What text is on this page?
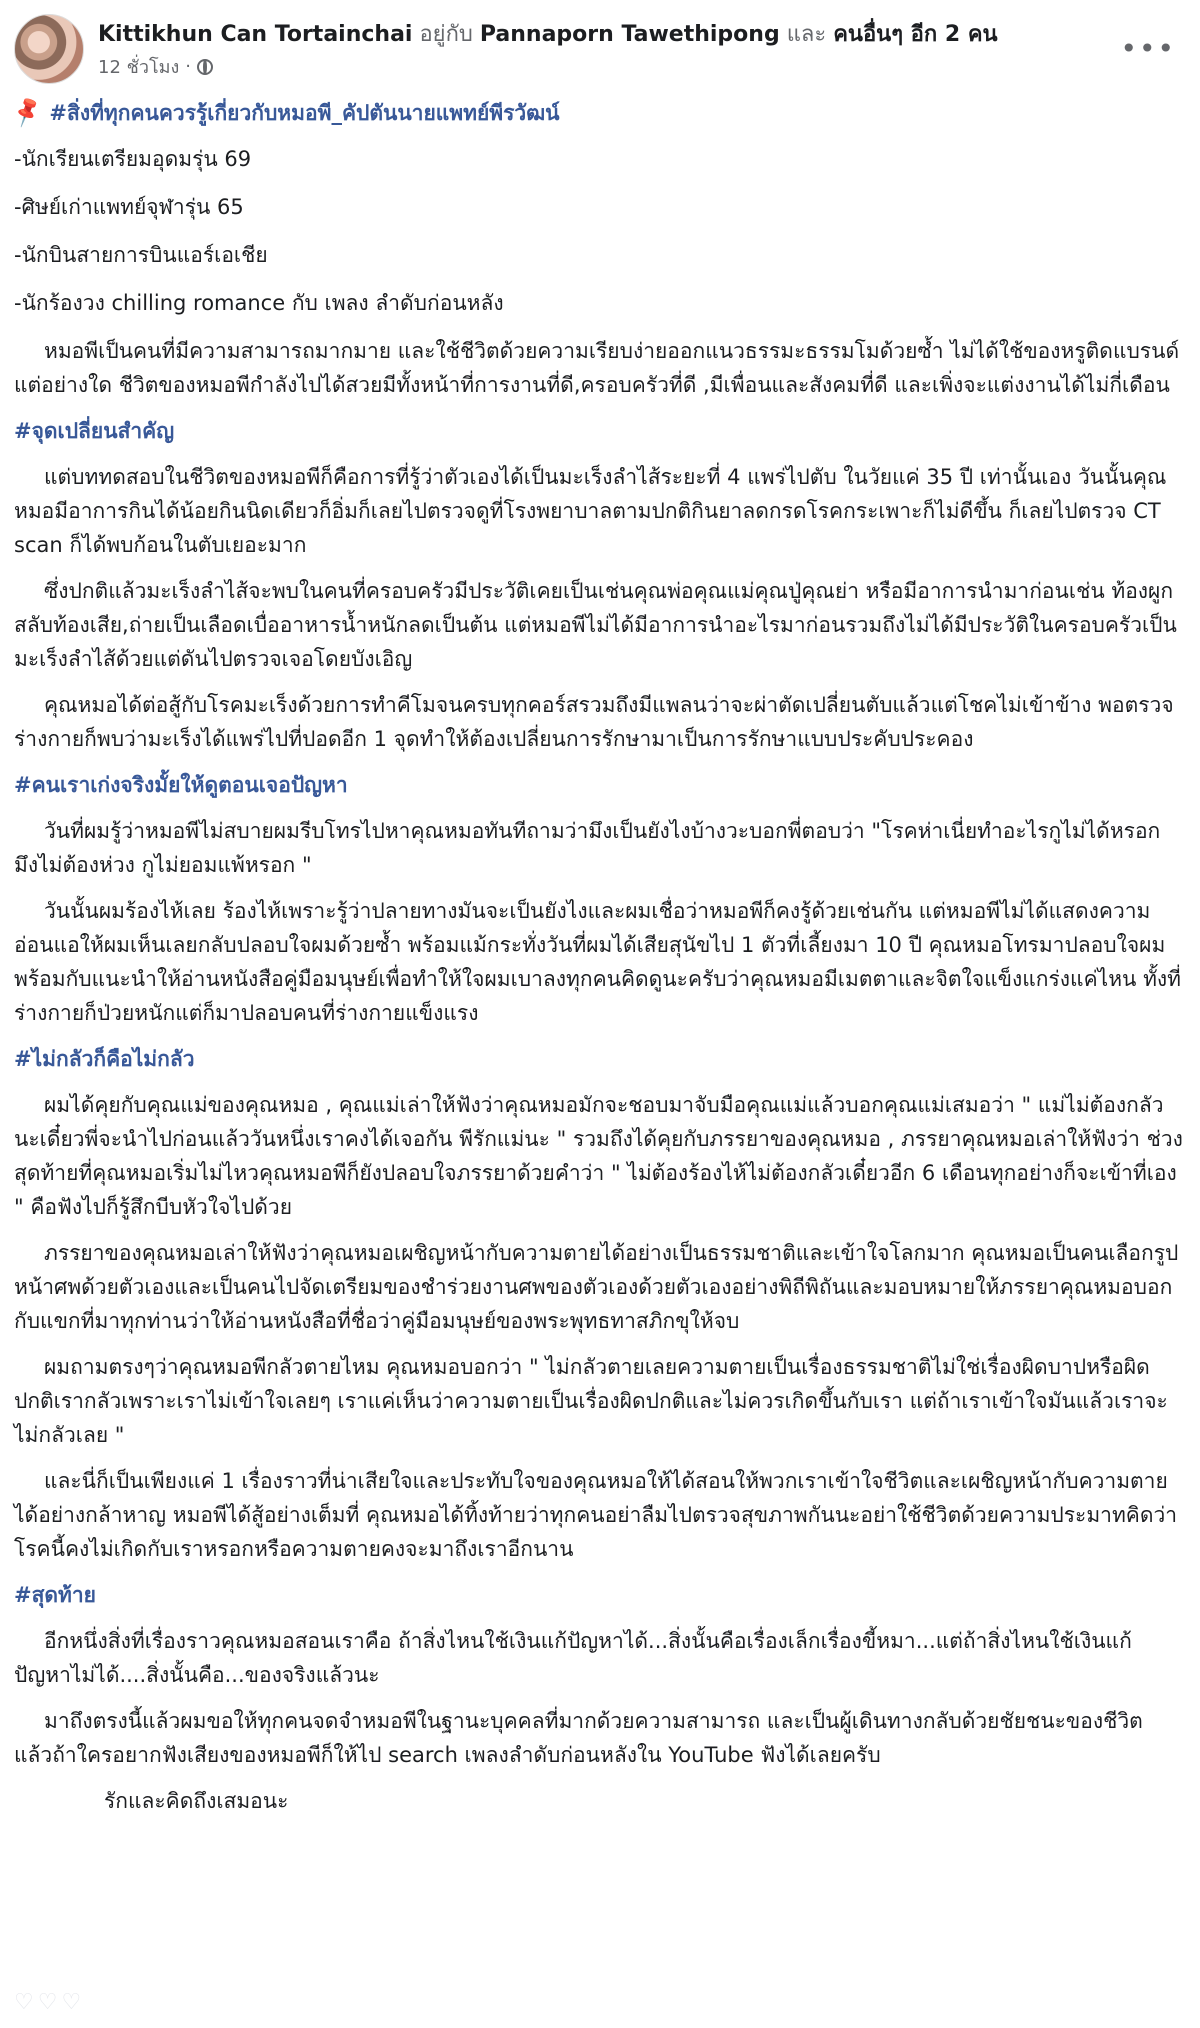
Kittikhun Can Tortainchai อยู่กับ Pannaporn Tawethipong และ คนอื่นๆ อีก 2 คน
12 ชั่วโมง ·
•••
📌 #สิ่งที่ทุกคนควรรู้เกี่ยวกับหมอพี_คัปตันนายแพทย์พีรวัฒน์
-นักเรียนเตรียมอุดมรุ่น 69
-ศิษย์เก่าแพทย์จุฬารุ่น 65
-นักบินสายการบินแอร์เอเชีย
-นักร้องวง chilling romance กับ เพลง ลำดับก่อนหลัง
หมอพีเป็นคนที่มีความสามารถมากมาย และใช้ชีวิตด้วยความเรียบง่ายออกแนวธรรมะธรรมโมด้วยซ้ำ ไม่ได้ใช้ของหรูติดแบรนด์แต่อย่างใด ชีวิตของหมอพีกำลังไปได้สวยมีทั้งหน้าที่การงานที่ดี,ครอบครัวที่ดี ,มีเพื่อนและสังคมที่ดี และเพิ่งจะแต่งงานได้ไม่กี่เดือน
#จุดเปลี่ยนสำคัญ
แต่บททดสอบในชีวิตของหมอพีก็คือการที่รู้ว่าตัวเองได้เป็นมะเร็งลำไส้ระยะที่ 4 แพร่ไปตับ ในวัยแค่ 35 ปี เท่านั้นเอง วันนั้นคุณหมอมีอาการกินได้น้อยกินนิดเดียวก็อิ่มก็เลยไปตรวจดูที่โรงพยาบาลตามปกติกินยาลดกรดโรคกระเพาะก็ไม่ดีขึ้น ก็เลยไปตรวจ CT scan ก็ได้พบก้อนในตับเยอะมาก
ซึ่งปกติแล้วมะเร็งลำไส้จะพบในคนที่ครอบครัวมีประวัติเคยเป็นเช่นคุณพ่อคุณแม่คุณปู่คุณย่า หรือมีอาการนำมาก่อนเช่น ท้องผูกสลับท้องเสีย,ถ่ายเป็นเลือดเบื่ออาหารน้ำหนักลดเป็นต้น แต่หมอพีไม่ได้มีอาการนำอะไรมาก่อนรวมถึงไม่ได้มีประวัติในครอบครัวเป็นมะเร็งลำไส้ด้วยแต่ดันไปตรวจเจอโดยบังเอิญ
คุณหมอได้ต่อสู้กับโรคมะเร็งด้วยการทำคีโมจนครบทุกคอร์สรวมถึงมีแพลนว่าจะผ่าตัดเปลี่ยนตับแล้วแต่โชคไม่เข้าข้าง พอตรวจร่างกายก็พบว่ามะเร็งได้แพร่ไปที่ปอดอีก 1 จุดทำให้ต้องเปลี่ยนการรักษามาเป็นการรักษาแบบประคับประคอง
#คนเราเก่งจริงมั้ยให้ดูตอนเจอปัญหา
วันที่ผมรู้ว่าหมอพีไม่สบายผมรีบโทรไปหาคุณหมอทันทีถามว่ามึงเป็นยังไงบ้างวะบอกพี่ตอบว่า "โรคห่าเนี่ยทำอะไรกูไม่ได้หรอก มึงไม่ต้องห่วง กูไม่ยอมแพ้หรอก "
วันนั้นผมร้องไห้เลย ร้องไห้เพราะรู้ว่าปลายทางมันจะเป็นยังไงและผมเชื่อว่าหมอพีก็คงรู้ด้วยเช่นกัน แต่หมอพีไม่ได้แสดงความอ่อนแอให้ผมเห็นเลยกลับปลอบใจผมด้วยซ้ำ พร้อมแม้กระทั่งวันที่ผมได้เสียสุนัขไป 1 ตัวที่เลี้ยงมา 10 ปี คุณหมอโทรมาปลอบใจผมพร้อมกับแนะนำให้อ่านหนังสือคู่มือมนุษย์เพื่อทำให้ใจผมเบาลงทุกคนคิดดูนะครับว่าคุณหมอมีเมตตาและจิตใจแข็งแกร่งแค่ไหน ทั้งที่ร่างกายก็ป่วยหนักแต่ก็มาปลอบคนที่ร่างกายแข็งแรง
#ไม่กลัวก็คือไม่กลัว
ผมได้คุยกับคุณแม่ของคุณหมอ , คุณแม่เล่าให้ฟังว่าคุณหมอมักจะชอบมาจับมือคุณแม่แล้วบอกคุณแม่เสมอว่า " แม่ไม่ต้องกลัวนะเดี๋ยวพี่จะนำไปก่อนแล้ววันหนึ่งเราคงได้เจอกัน พีรักแม่นะ " รวมถึงได้คุยกับภรรยาของคุณหมอ , ภรรยาคุณหมอเล่าให้ฟังว่า ช่วงสุดท้ายที่คุณหมอเริ่มไม่ไหวคุณหมอพีก็ยังปลอบใจภรรยาด้วยคำว่า " ไม่ต้องร้องไห้ไม่ต้องกลัวเดี๋ยวอีก 6 เดือนทุกอย่างก็จะเข้าที่เอง " คือฟังไปก็รู้สึกบีบหัวใจไปด้วย
ภรรยาของคุณหมอเล่าให้ฟังว่าคุณหมอเผชิญหน้ากับความตายได้อย่างเป็นธรรมชาติและเข้าใจโลกมาก คุณหมอเป็นคนเลือกรูปหน้าศพด้วยตัวเองและเป็นคนไปจัดเตรียมของชำร่วยงานศพของตัวเองด้วยตัวเองอย่างพิถีพิถันและมอบหมายให้ภรรยาคุณหมอบอกกับแขกที่มาทุกท่านว่าให้อ่านหนังสือที่ชื่อว่าคู่มือมนุษย์ของพระพุทธทาสภิกขุให้จบ
ผมถามตรงๆว่าคุณหมอพีกลัวตายไหม คุณหมอบอกว่า " ไม่กลัวตายเลยความตายเป็นเรื่องธรรมชาติไม่ใช่เรื่องผิดบาปหรือผิดปกติเรากลัวเพราะเราไม่เข้าใจเลยๆ เราแค่เห็นว่าความตายเป็นเรื่องผิดปกติและไม่ควรเกิดขึ้นกับเรา แต่ถ้าเราเข้าใจมันแล้วเราจะไม่กลัวเลย "
และนี่ก็เป็นเพียงแค่ 1 เรื่องราวที่น่าเสียใจและประทับใจของคุณหมอให้ได้สอนให้พวกเราเข้าใจชีวิตและเผชิญหน้ากับความตายได้อย่างกล้าหาญ หมอพีได้สู้อย่างเต็มที่ คุณหมอได้ทิ้งท้ายว่าทุกคนอย่าลืมไปตรวจสุขภาพกันนะอย่าใช้ชีวิตด้วยความประมาทคิดว่าโรคนี้คงไม่เกิดกับเราหรอกหรือความตายคงจะมาถึงเราอีกนาน
#สุดท้าย
อีกหนึ่งสิ่งที่เรื่องราวคุณหมอสอนเราคือ ถ้าสิ่งไหนใช้เงินแก้ปัญหาได้...สิ่งนั้นคือเรื่องเล็กเรื่องขี้หมา...แต่ถ้าสิ่งไหนใช้เงินแก้ปัญหาไม่ได้....สิ่งนั้นคือ...ของจริงแล้วนะ
มาถึงตรงนี้แล้วผมขอให้ทุกคนจดจำหมอพีในฐานะบุคคลที่มากด้วยความสามารถ และเป็นผู้เดินทางกลับด้วยชัยชนะของชีวิต แล้วถ้าใครอยากฟังเสียงของหมอพีก็ให้ไป search เพลงลำดับก่อนหลังใน YouTube ฟังได้เลยครับ
รักและคิดถึงเสมอนะ
♡ ♡ ♡
